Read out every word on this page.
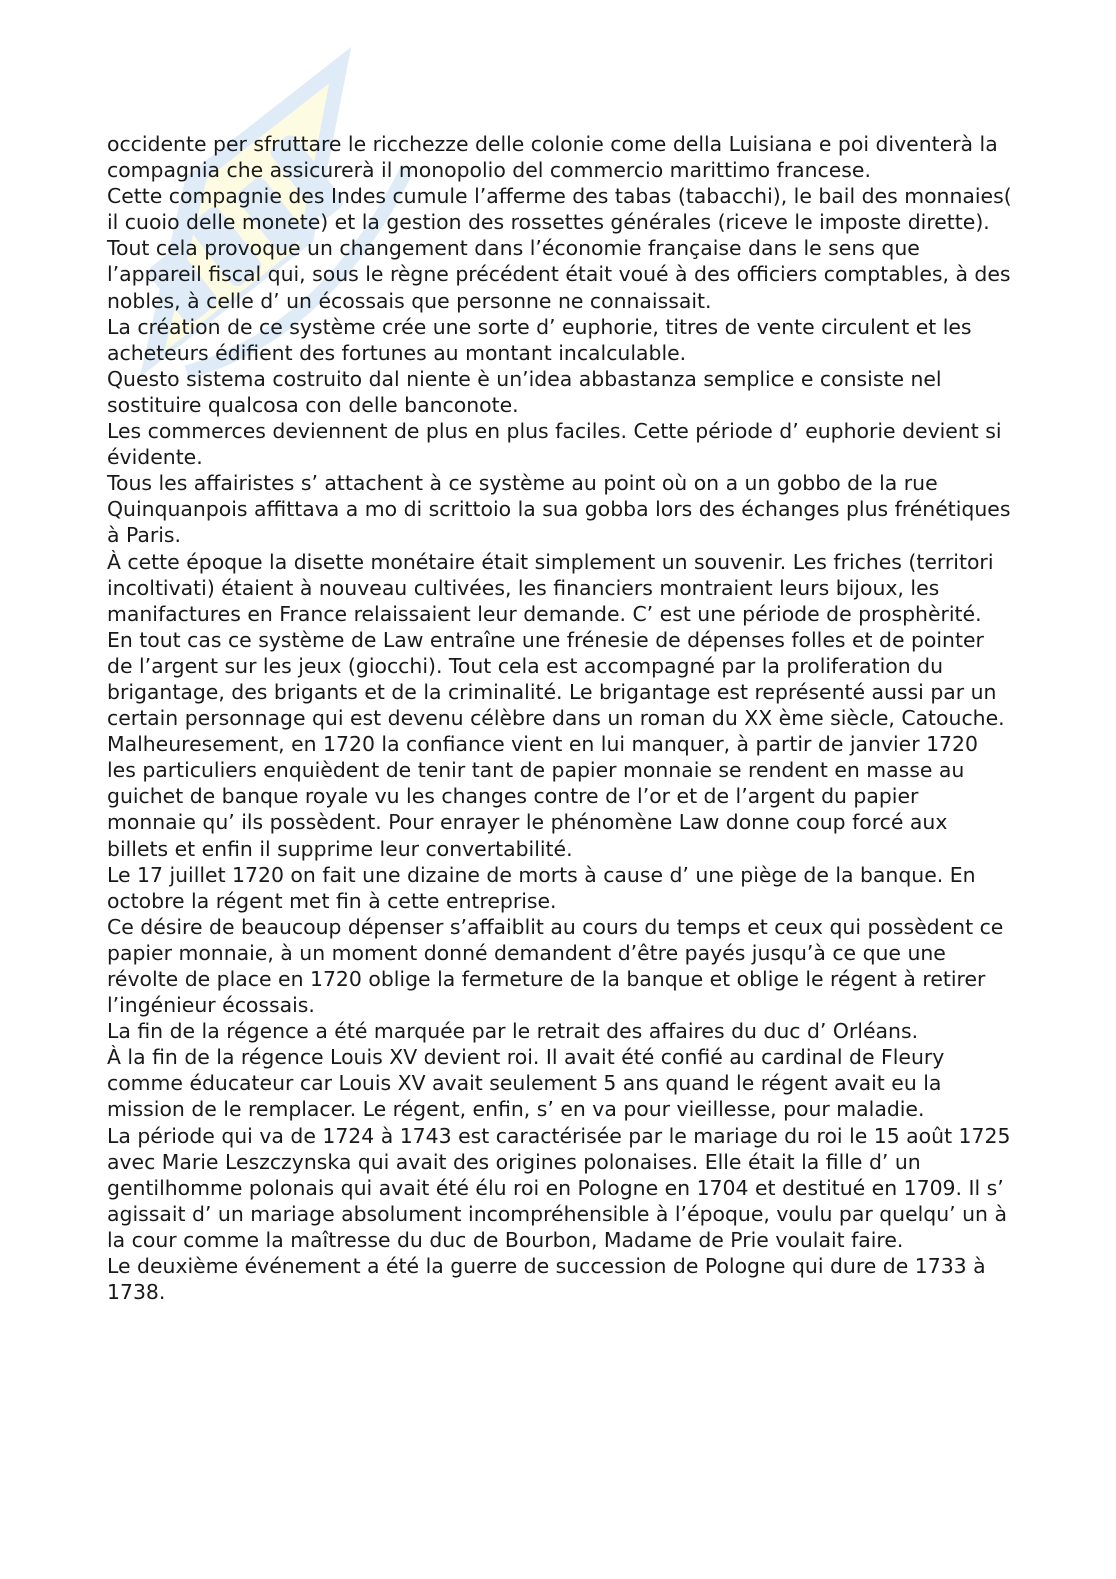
occidente per sfruttare le ricchezze delle colonie come della Luisiana e poi diventerà la compagnia che assicurerà il monopolio del commercio marittimo francese.

Cette compagnie des Indes cumule l’afferme des tabas (tabacchi), le bail des monnaies( il cuoio delle monete) et la gestion des rossettes générales (riceve le imposte dirette). Tout cela provoque un changement dans l’économie française dans le sens que l’appareil fiscal qui, sous le règne précédent était voué à des officiers comptables, à des nobles, à celle d’ un écossais que personne ne connaissait.

La création de ce système crée une sorte d’ euphorie, titres de vente circulent et les acheteurs édifient des fortunes au montant incalculable.

Questo sistema costruito dal niente è un’idea abbastanza semplice e consiste nel sostituire qualcosa con delle banconote.

Les commerces deviennent de plus en plus faciles. Cette période d’ euphorie devient si évidente.

Tous les affairistes s’ attachent à ce système au point où on a un gobbo de la rue Quinquanpois affittava a mo di scrittoio la sua gobba lors des échanges plus frénétiques à Paris.

À cette époque la disette monétaire était simplement un souvenir. Les friches (territori incoltivati) étaient à nouveau cultivées, les financiers montraient leurs bijoux, les manifactures en France relaissaient leur demande. C’ est une période de prosphèrité. En tout cas ce système de Law entraîne une frénesie de dépenses folles et de pointer de l’argent sur les jeux (giocchi). Tout cela est accompagné par la proliferation du brigantage, des brigants et de la criminalité. Le brigantage est représenté aussi par un certain personnage qui est devenu célèbre dans un roman du XX ème siècle, Catouche.

Malheuresement, en 1720 la confiance vient en lui manquer, à partir de janvier 1720 les particuliers enquièdent de tenir tant de papier monnaie se rendent en masse au guichet de banque royale vu les changes contre de l’or et de l’argent du papier monnaie qu’ ils possèdent. Pour enrayer le phénomène Law donne coup forcé aux billets et enfin il supprime leur convertabilité.

Le 17 juillet 1720 on fait une dizaine de morts à cause d’ une piège de la banque. En octobre la régent met fin à cette entreprise.

Ce désire de beaucoup dépenser s’affaiblit au cours du temps et ceux qui possèdent ce papier monnaie, à un moment donné demandent d’être payés jusqu’à ce que une révolte de place en 1720 oblige la fermeture de la banque et oblige le régent à retirer l’ingénieur écossais.

La fin de la régence a été marquée par le retrait des affaires du duc d’ Orléans.

À la fin de la régence Louis XV devient roi. Il avait été confié au cardinal de Fleury comme éducateur car Louis XV avait seulement 5 ans quand le régent avait eu la mission de le remplacer. Le régent, enfin, s’ en va pour vieillesse, pour maladie.

La période qui va de 1724 à 1743 est caractérisée par le mariage du roi le 15 août 1725 avec Marie Leszczynska qui avait des origines polonaises. Elle était la fille d’ un gentilhomme polonais qui avait été élu roi en Pologne en 1704 et destitué en 1709. Il s’ agissait d’ un mariage absolument incompréhensible à l’époque, voulu par quelqu’ un à la cour comme la maîtresse du duc de Bourbon, Madame de Prie voulait faire.

Le deuxième événement a été la guerre de succession de Pologne qui dure de 1733 à 1738.
